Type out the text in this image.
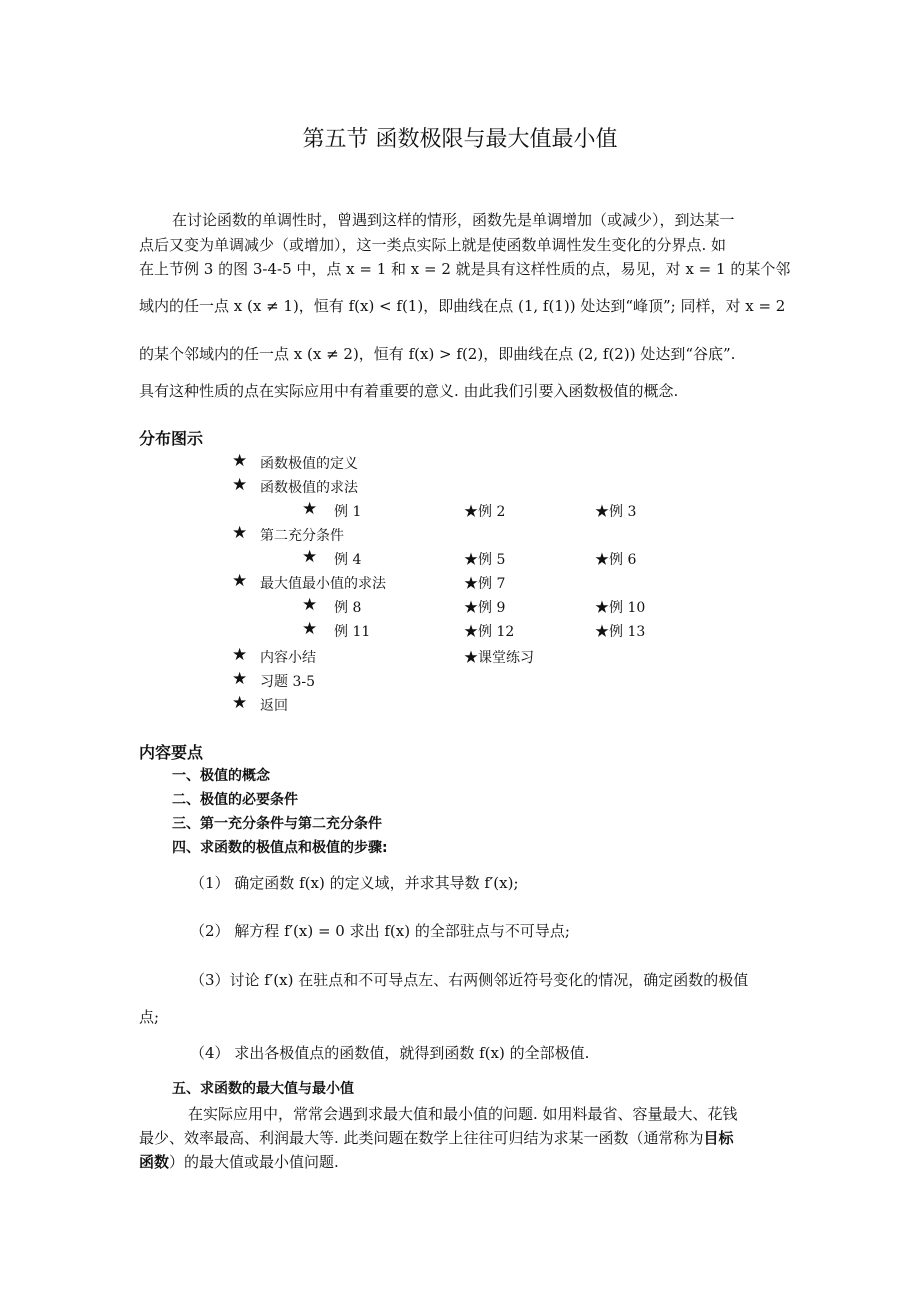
第五节 函数极限与最大值最小值
在讨论函数的单调性时，曾遇到这样的情形，函数先是单调增加（或减少），到达某一
点后又变为单调减少（或增加），这一类点实际上就是使函数单调性发生变化的分界点. 如
在上节例 3 的图 3-4-5 中，点 x = 1 和 x = 2 就是具有这样性质的点，易见，对 x = 1 的某个邻
域内的任一点 x (x ≠ 1)，恒有 f(x) < f(1)，即曲线在点 (1, f(1)) 处达到“峰顶”; 同样，对 x = 2
的某个邻域内的任一点 x (x ≠ 2)，恒有 f(x) > f(2)，即曲线在点 (2, f(2)) 处达到“谷底”.
具有这种性质的点在实际应用中有着重要的意义. 由此我们引要入函数极值的概念.
分布图示
★ 函数极值的定义
★ 函数极值的求法
★ 例 1	★例 2	★例 3
★ 第二充分条件
★ 例 4	★例 5	★例 6
★ 最大值最小值的求法	★例 7
★ 例 8	★例 9	★例 10
★ 例 11	★例 12	★例 13
★ 内容小结	★课堂练习
★ 习题 3-5
★ 返回
内容要点
一、极值的概念
二、极值的必要条件
三、第一充分条件与第二充分条件
四、求函数的极值点和极值的步骤:
（1） 确定函数 f(x) 的定义域，并求其导数 f′(x);
（2） 解方程 f′(x) = 0 求出 f(x) 的全部驻点与不可导点;
（3）讨论 f′(x) 在驻点和不可导点左、右两侧邻近符号变化的情况，确定函数的极值
点;
（4） 求出各极值点的函数值，就得到函数 f(x) 的全部极值.
五、求函数的最大值与最小值
在实际应用中，常常会遇到求最大值和最小值的问题. 如用料最省、容量最大、花钱
最少、效率最高、利润最大等. 此类问题在数学上往往可归结为求某一函数（通常称为目标
函数）的最大值或最小值问题.
